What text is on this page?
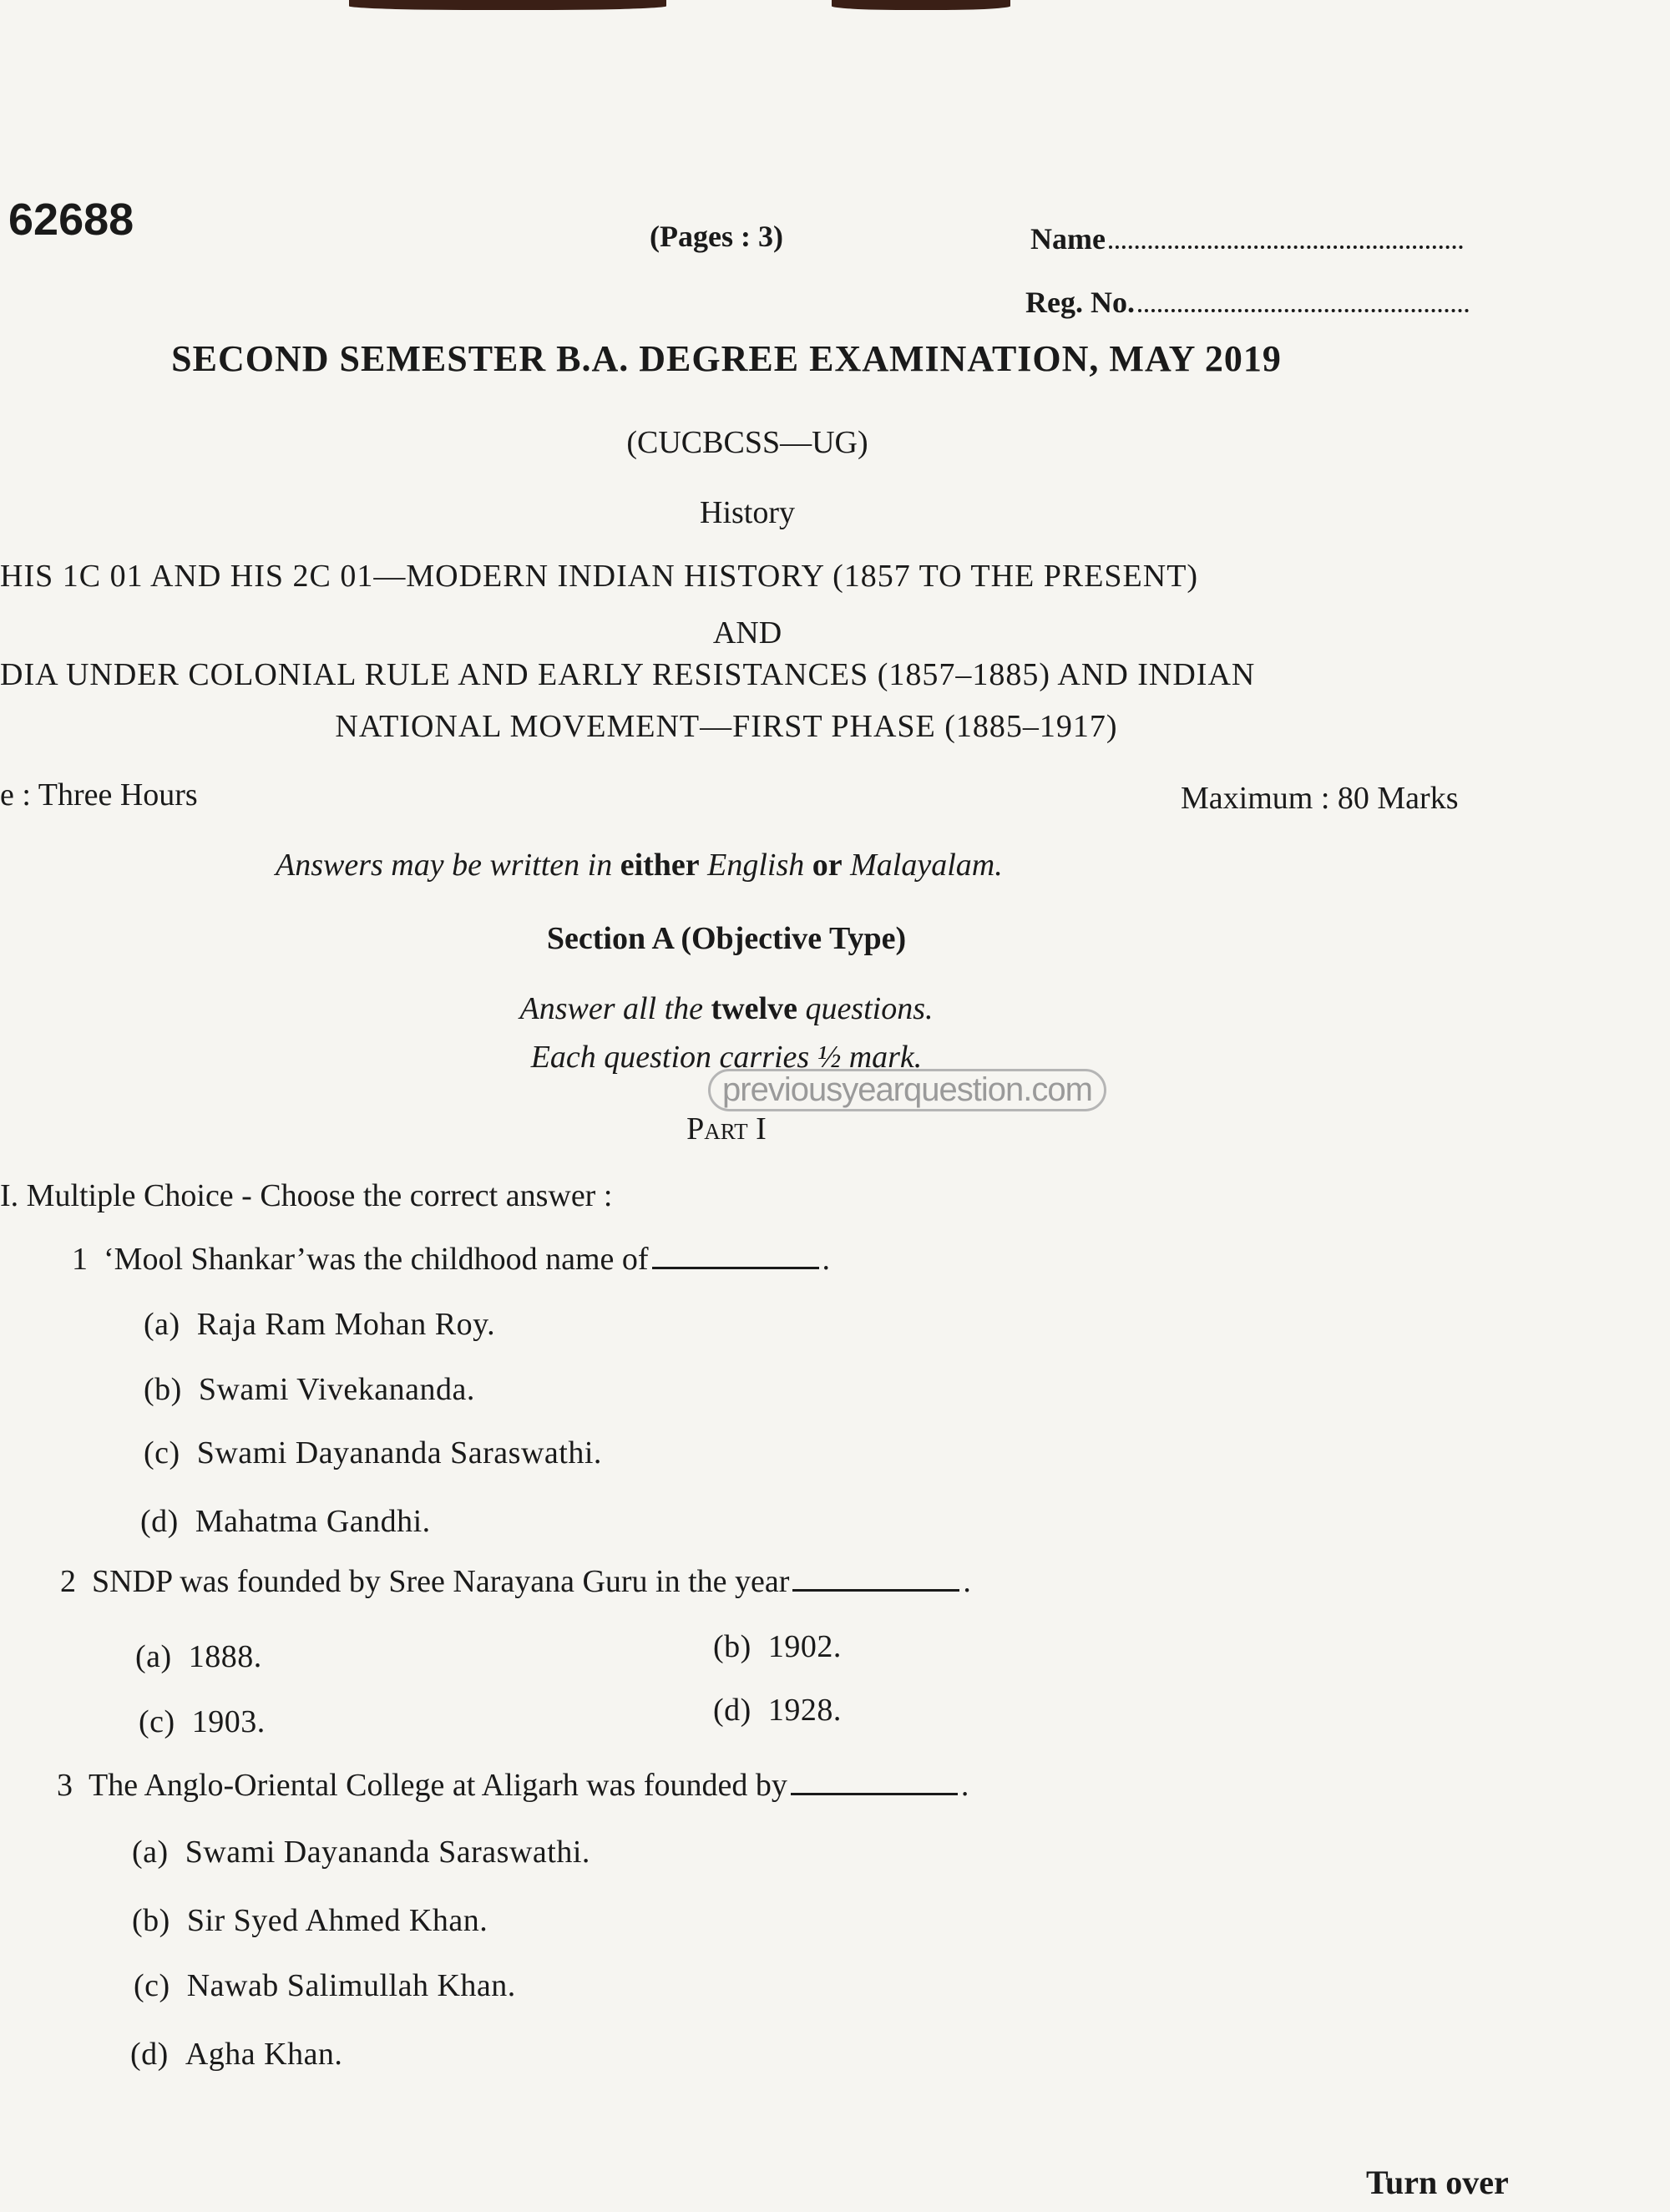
62688	(Pages : 3)	Name
Reg. No.
SECOND SEMESTER B.A. DEGREE EXAMINATION, MAY 2019
(CUCBCSS—UG)
History
HIS 1C 01 AND HIS 2C 01—MODERN INDIAN HISTORY (1857 TO THE PRESENT)
AND
DIA UNDER COLONIAL RULE AND EARLY RESISTANCES (1857–1885) AND INDIAN
NATIONAL MOVEMENT—FIRST PHASE (1885–1917)
e : Three Hours	Maximum : 80 Marks
Answers may be written in either English or Malayalam.
Section A (Objective Type)
Answer all the twelve questions.
Each question carries ½ mark.
previousyearquestion.com
Part I
I. Multiple Choice - Choose the correct answer :
1 ‘Mool Shankar’was the childhood name of	.
(a) Raja Ram Mohan Roy.
(b) Swami Vivekananda.
(c) Swami Dayananda Saraswathi.
(d) Mahatma Gandhi.
2 SNDP was founded by Sree Narayana Guru in the year	.
(a) 1888.	(b) 1902.
(c) 1903.	(d) 1928.
3 The Anglo-Oriental College at Aligarh was founded by	.
(a) Swami Dayananda Saraswathi.
(b) Sir Syed Ahmed Khan.
(c) Nawab Salimullah Khan.
(d) Agha Khan.
Turn over
